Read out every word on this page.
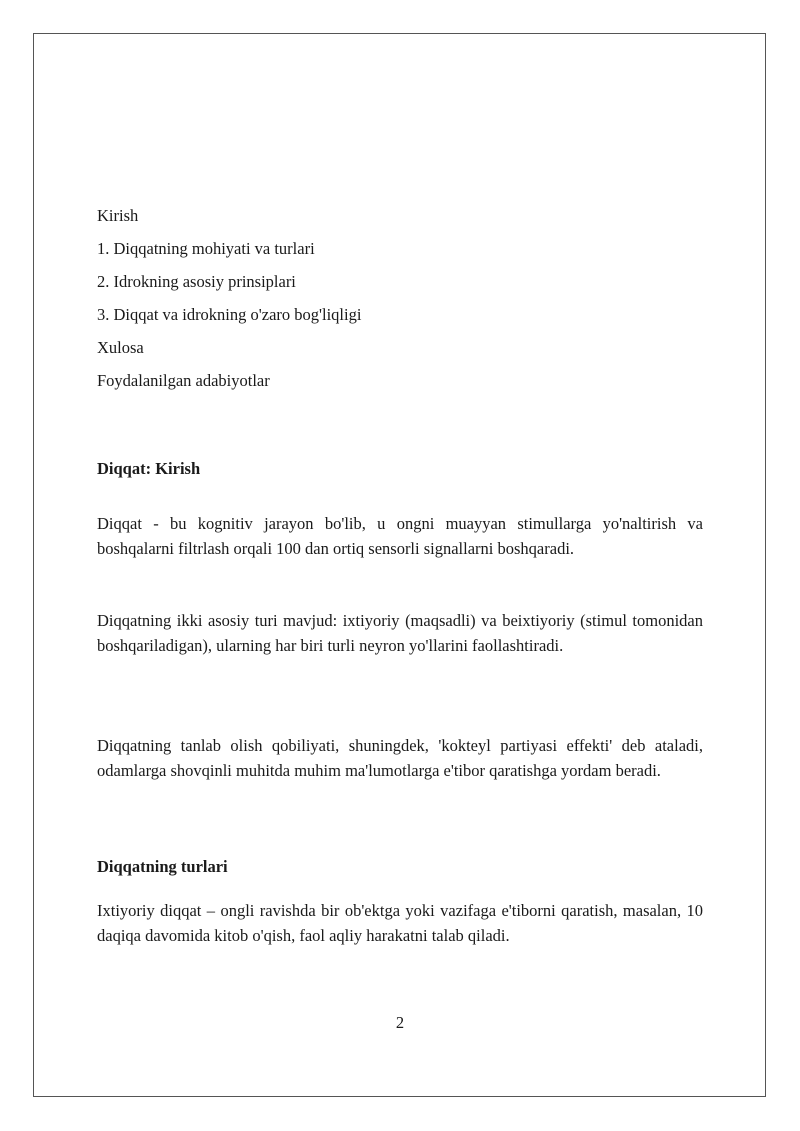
Kirish

1. Diqqatning mohiyati va turlari

2. Idrokning asosiy prinsiplari

3. Diqqat va idrokning o'zaro bog'liqligi

Xulosa

Foydalanilgan adabiyotlar

Diqqat: Kirish

Diqqat - bu kognitiv jarayon bo'lib, u ongni muayyan stimullarga yo'naltirish va boshqalarni filtrlash orqali 100 dan ortiq sensorli signallarni boshqaradi.

Diqqatning ikki asosiy turi mavjud: ixtiyoriy (maqsadli) va beixtiyoriy (stimul tomonidan boshqariladigan), ularning har biri turli neyron yo'llarini faollashtiradi.

Diqqatning tanlab olish qobiliyati, shuningdek, 'kokteyl partiyasi effekti' deb ataladi, odamlarga shovqinli muhitda muhim ma'lumotlarga e'tibor qaratishga yordam beradi.

Diqqatning turlari

Ixtiyoriy diqqat – ongli ravishda bir ob'ektga yoki vazifaga e'tiborni qaratish, masalan, 10 daqiqa davomida kitob o'qish, faol aqliy harakatni talab qiladi.

2
